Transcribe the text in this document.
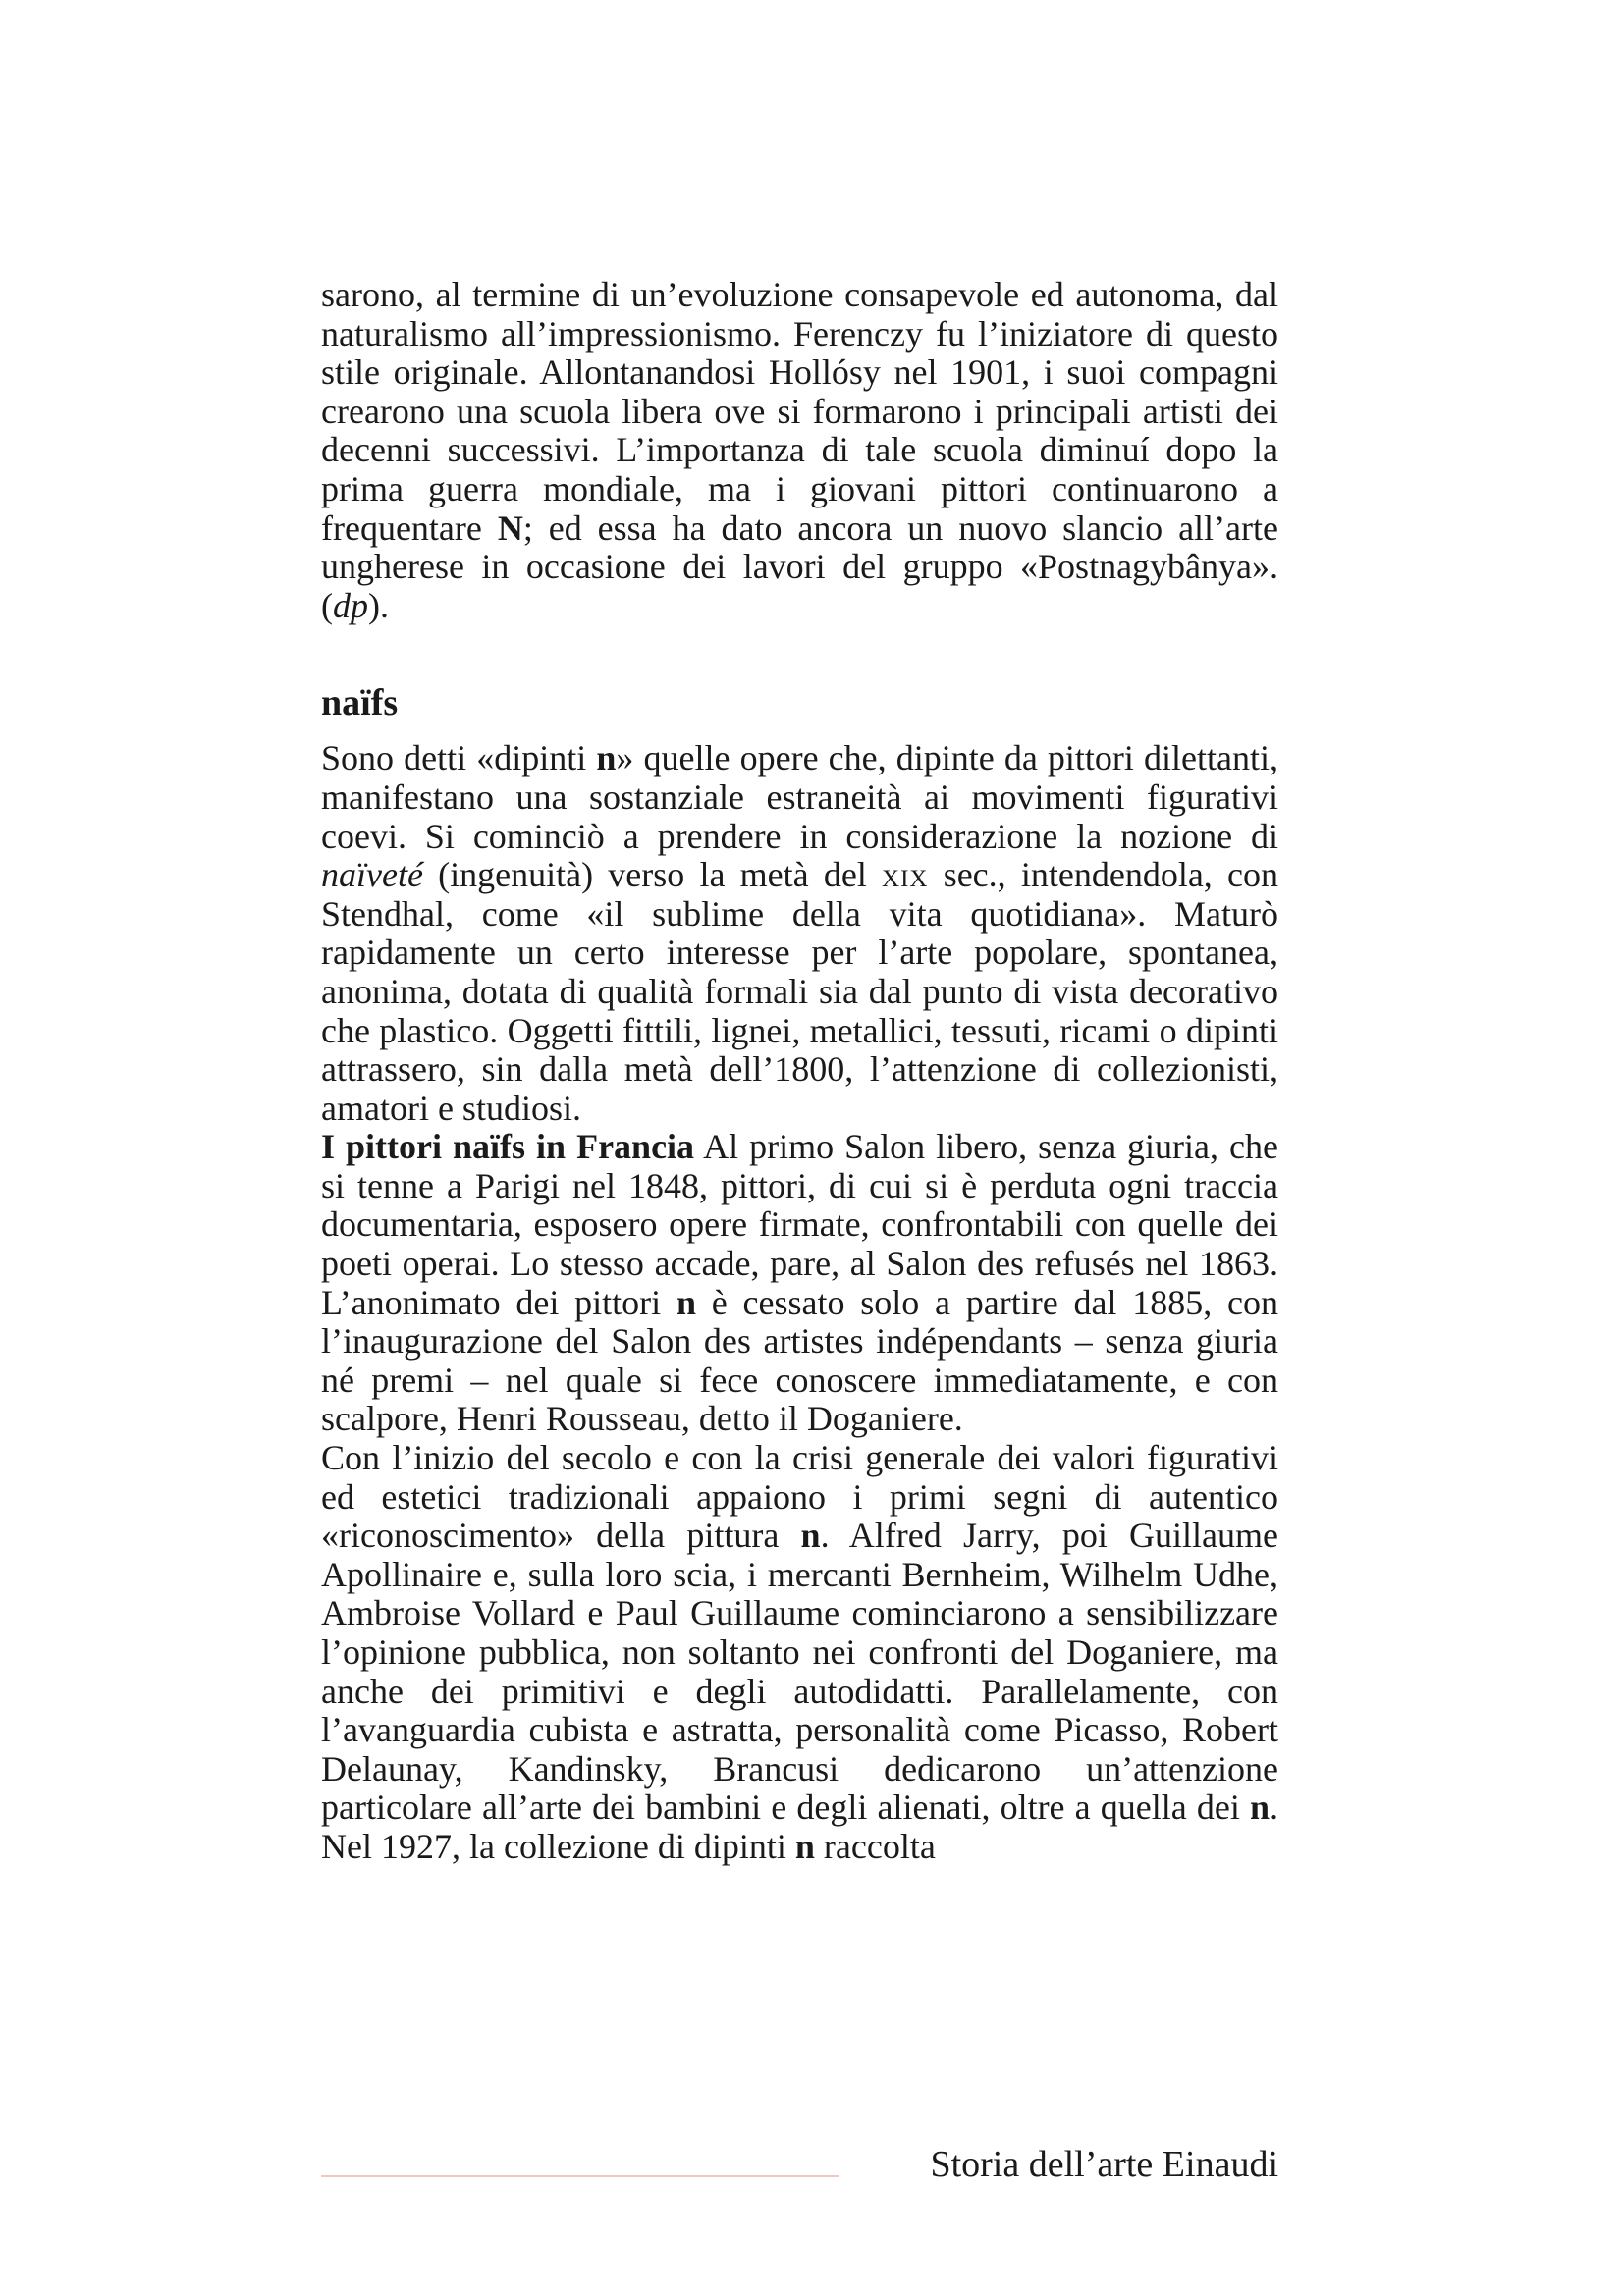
sarono, al termine di un’evoluzione consapevole ed autonoma, dal naturalismo all’impressionismo. Ferenczy fu l’iniziatore di questo stile originale. Allontanandosi Hollósy nel 1901, i suoi compagni crearono una scuola libera ove si formarono i principali artisti dei decenni successivi. L’importanza di tale scuola diminuí dopo la prima guerra mondiale, ma i giovani pittori continuarono a frequentare N; ed essa ha dato ancora un nuovo slancio all’arte ungherese in occasione dei lavori del gruppo «Postnagybânya». (dp).

naïfs

Sono detti «dipinti n» quelle opere che, dipinte da pittori dilettanti, manifestano una sostanziale estraneità ai movimenti figurativi coevi. Si cominciò a prendere in considerazione la nozione di naïveté (ingenuità) verso la metà del xix sec., intendendola, con Stendhal, come «il sublime della vita quotidiana». Maturò rapidamente un certo interesse per l’arte popolare, spontanea, anonima, dotata di qualità formali sia dal punto di vista decorativo che plastico. Oggetti fittili, lignei, metallici, tessuti, ricami o dipinti attrassero, sin dalla metà dell’1800, l’attenzione di collezionisti, amatori e studiosi.

I pittori naïfs in Francia Al primo Salon libero, senza giuria, che si tenne a Parigi nel 1848, pittori, di cui si è perduta ogni traccia documentaria, esposero opere firmate, confrontabili con quelle dei poeti operai. Lo stesso accade, pare, al Salon des refusés nel 1863. L’anonimato dei pittori n è cessato solo a partire dal 1885, con l’inaugurazione del Salon des artistes indépendants – senza giuria né premi – nel quale si fece conoscere immediatamente, e con scalpore, Henri Rousseau, detto il Doganiere.

Con l’inizio del secolo e con la crisi generale dei valori figurativi ed estetici tradizionali appaiono i primi segni di autentico «riconoscimento» della pittura n. Alfred Jarry, poi Guillaume Apollinaire e, sulla loro scia, i mercanti Bernheim, Wilhelm Udhe, Ambroise Vollard e Paul Guillaume cominciarono a sensibilizzare l’opinione pubblica, non soltanto nei confronti del Doganiere, ma anche dei primitivi e degli autodidatti. Parallelamente, con l’avanguardia cubista e astratta, personalità come Picasso, Robert Delaunay, Kandinsky, Brancusi dedicarono un’attenzione particolare all’arte dei bambini e degli alienati, oltre a quella dei n. Nel 1927, la collezione di dipinti n raccolta

Storia dell’arte Einaudi
